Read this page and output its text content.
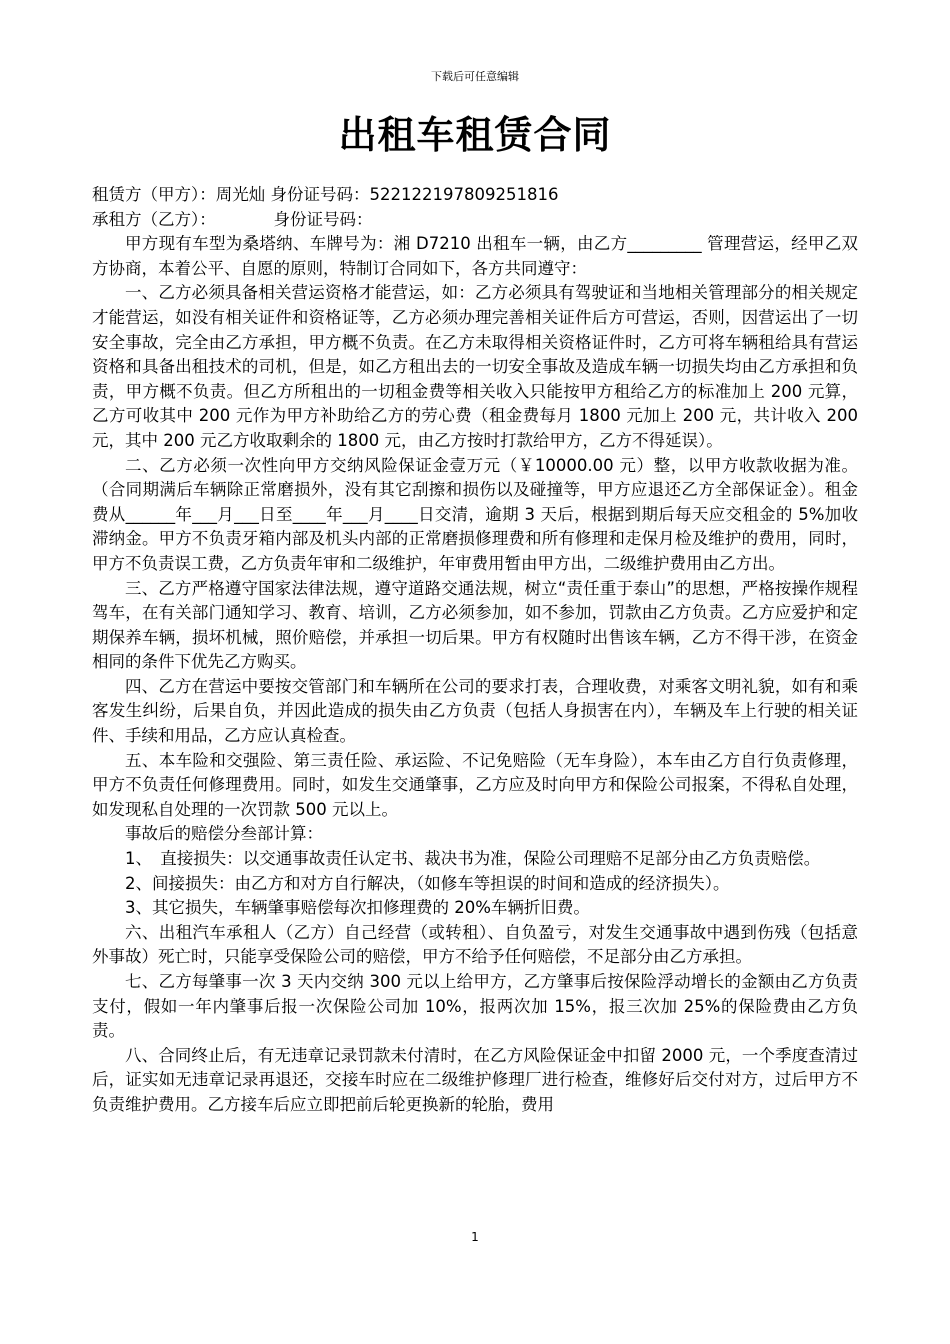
下载后可任意编辑
出租车租赁合同

租赁方（甲方）：周光灿 身份证号码：522122197809251816

承租方（乙方）：　　　　身份证号码：

甲方现有车型为桑塔纳、车牌号为：湘 D7210 出租车一辆，由乙方_________ 管理营运，经甲乙双方协商，本着公平、自愿的原则，特制订合同如下，各方共同遵守：

一、乙方必须具备相关营运资格才能营运，如：乙方必须具有驾驶证和当地相关管理部分的相关规定才能营运，如没有相关证件和资格证等，乙方必须办理完善相关证件后方可营运，否则，因营运出了一切安全事故，完全由乙方承担，甲方概不负责。在乙方未取得相关资格证件时，乙方可将车辆租给具有营运资格和具备出租技术的司机，但是，如乙方租出去的一切安全事故及造成车辆一切损失均由乙方承担和负责，甲方概不负责。但乙方所租出的一切租金费等相关收入只能按甲方租给乙方的标准加上 200 元算，乙方可收其中 200 元作为甲方补助给乙方的劳心费（租金费每月 1800 元加上 200 元，共计收入 200 元，其中 200 元乙方收取剩余的 1800 元，由乙方按时打款给甲方，乙方不得延误）。

二、乙方必须一次性向甲方交纳风险保证金壹万元（￥10000.00 元）整，以甲方收款收据为准。（合同期满后车辆除正常磨损外，没有其它刮擦和损伤以及碰撞等，甲方应退还乙方全部保证金）。租金费从______年___月___日至____年___月____日交清，逾期 3 天后，根据到期后每天应交租金的 5%加收滞纳金。甲方不负责牙箱内部及机头内部的正常磨损修理费和所有修理和走保月检及维护的费用，同时，甲方不负责误工费，乙方负责年审和二级维护，年审费用暂由甲方出，二级维护费用由乙方出。

三、乙方严格遵守国家法律法规，遵守道路交通法规，树立“责任重于泰山”的思想，严格按操作规程驾车，在有关部门通知学习、教育、培训，乙方必须参加，如不参加，罚款由乙方负责。乙方应爱护和定期保养车辆，损坏机械，照价赔偿，并承担一切后果。甲方有权随时出售该车辆，乙方不得干涉，在资金相同的条件下优先乙方购买。

四、乙方在营运中要按交管部门和车辆所在公司的要求打表，合理收费，对乘客文明礼貌，如有和乘客发生纠纷，后果自负，并因此造成的损失由乙方负责（包括人身损害在内），车辆及车上行驶的相关证件、手续和用品，乙方应认真检查。

五、本车险和交强险、第三责任险、承运险、不记免赔险（无车身险），本车由乙方自行负责修理，甲方不负责任何修理费用。同时，如发生交通肇事，乙方应及时向甲方和保险公司报案，不得私自处理，如发现私自处理的一次罚款 500 元以上。

事故后的赔偿分叁部计算：

1、　直接损失：以交通事故责任认定书、裁决书为准，保险公司理赔不足部分由乙方负责赔偿。

2、间接损失：由乙方和对方自行解决，（如修车等担误的时间和造成的经济损失）。

3、其它损失，车辆肇事赔偿每次扣修理费的 20%车辆折旧费。

六、出租汽车承租人（乙方）自己经营（或转租）、自负盈亏，对发生交通事故中遇到伤残（包括意外事故）死亡时，只能享受保险公司的赔偿，甲方不给予任何赔偿，不足部分由乙方承担。

七、乙方每肇事一次 3 天内交纳 300 元以上给甲方，乙方肇事后按保险浮动增长的金额由乙方负责支付，假如一年内肇事后报一次保险公司加 10%，报两次加 15%，报三次加 25%的保险费由乙方负责。

八、合同终止后，有无违章记录罚款未付清时，在乙方风险保证金中扣留 2000 元，一个季度查清过后，证实如无违章记录再退还，交接车时应在二级维护修理厂进行检查，维修好后交付对方，过后甲方不负责维护费用。乙方接车后应立即把前后轮更换新的轮胎，费用

1
